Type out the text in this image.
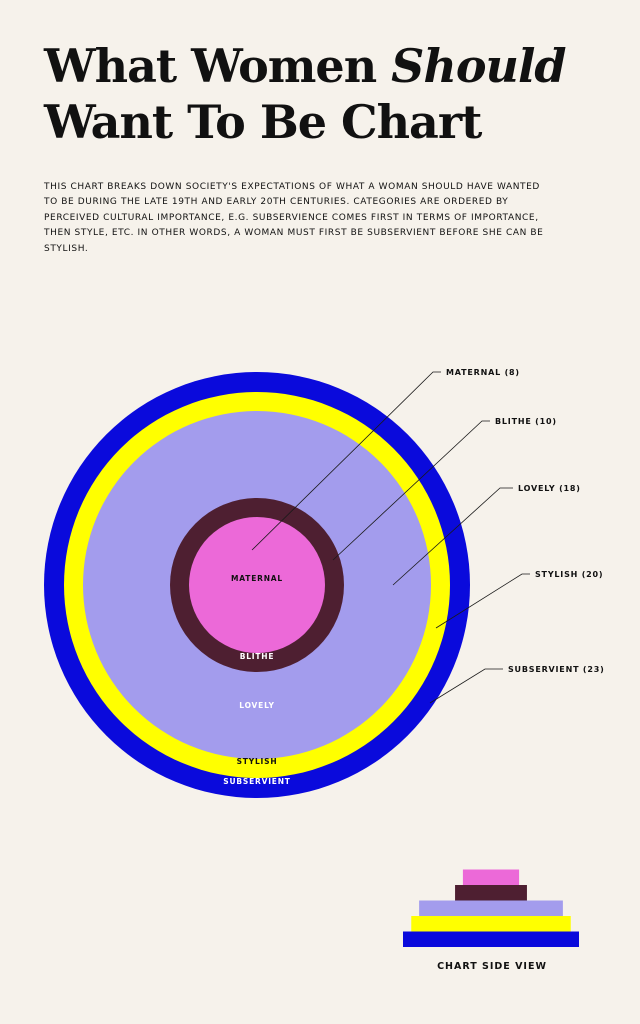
What Women Should
Want To Be Chart

THIS CHART BREAKS DOWN SOCIETY'S EXPECTATIONS OF WHAT A WOMAN SHOULD HAVE WANTED TO BE DURING THE LATE 19TH AND EARLY 20TH CENTURIES. CATEGORIES ARE ORDERED BY PERCEIVED CULTURAL IMPORTANCE, E.G. SUBSERVIENCE COMES FIRST IN TERMS OF IMPORTANCE, THEN STYLE, ETC. IN OTHER WORDS, A WOMAN MUST FIRST BE SUBSERVIENT BEFORE SHE CAN BE STYLISH.

SUBSERVIENT
STYLISH
LOVELY
BLITHE
MATERNAL
SUBSERVIENT (23)
STYLISH (20)
LOVELY (18)
BLITHE (10)
MATERNAL (8)

CHART SIDE VIEW
